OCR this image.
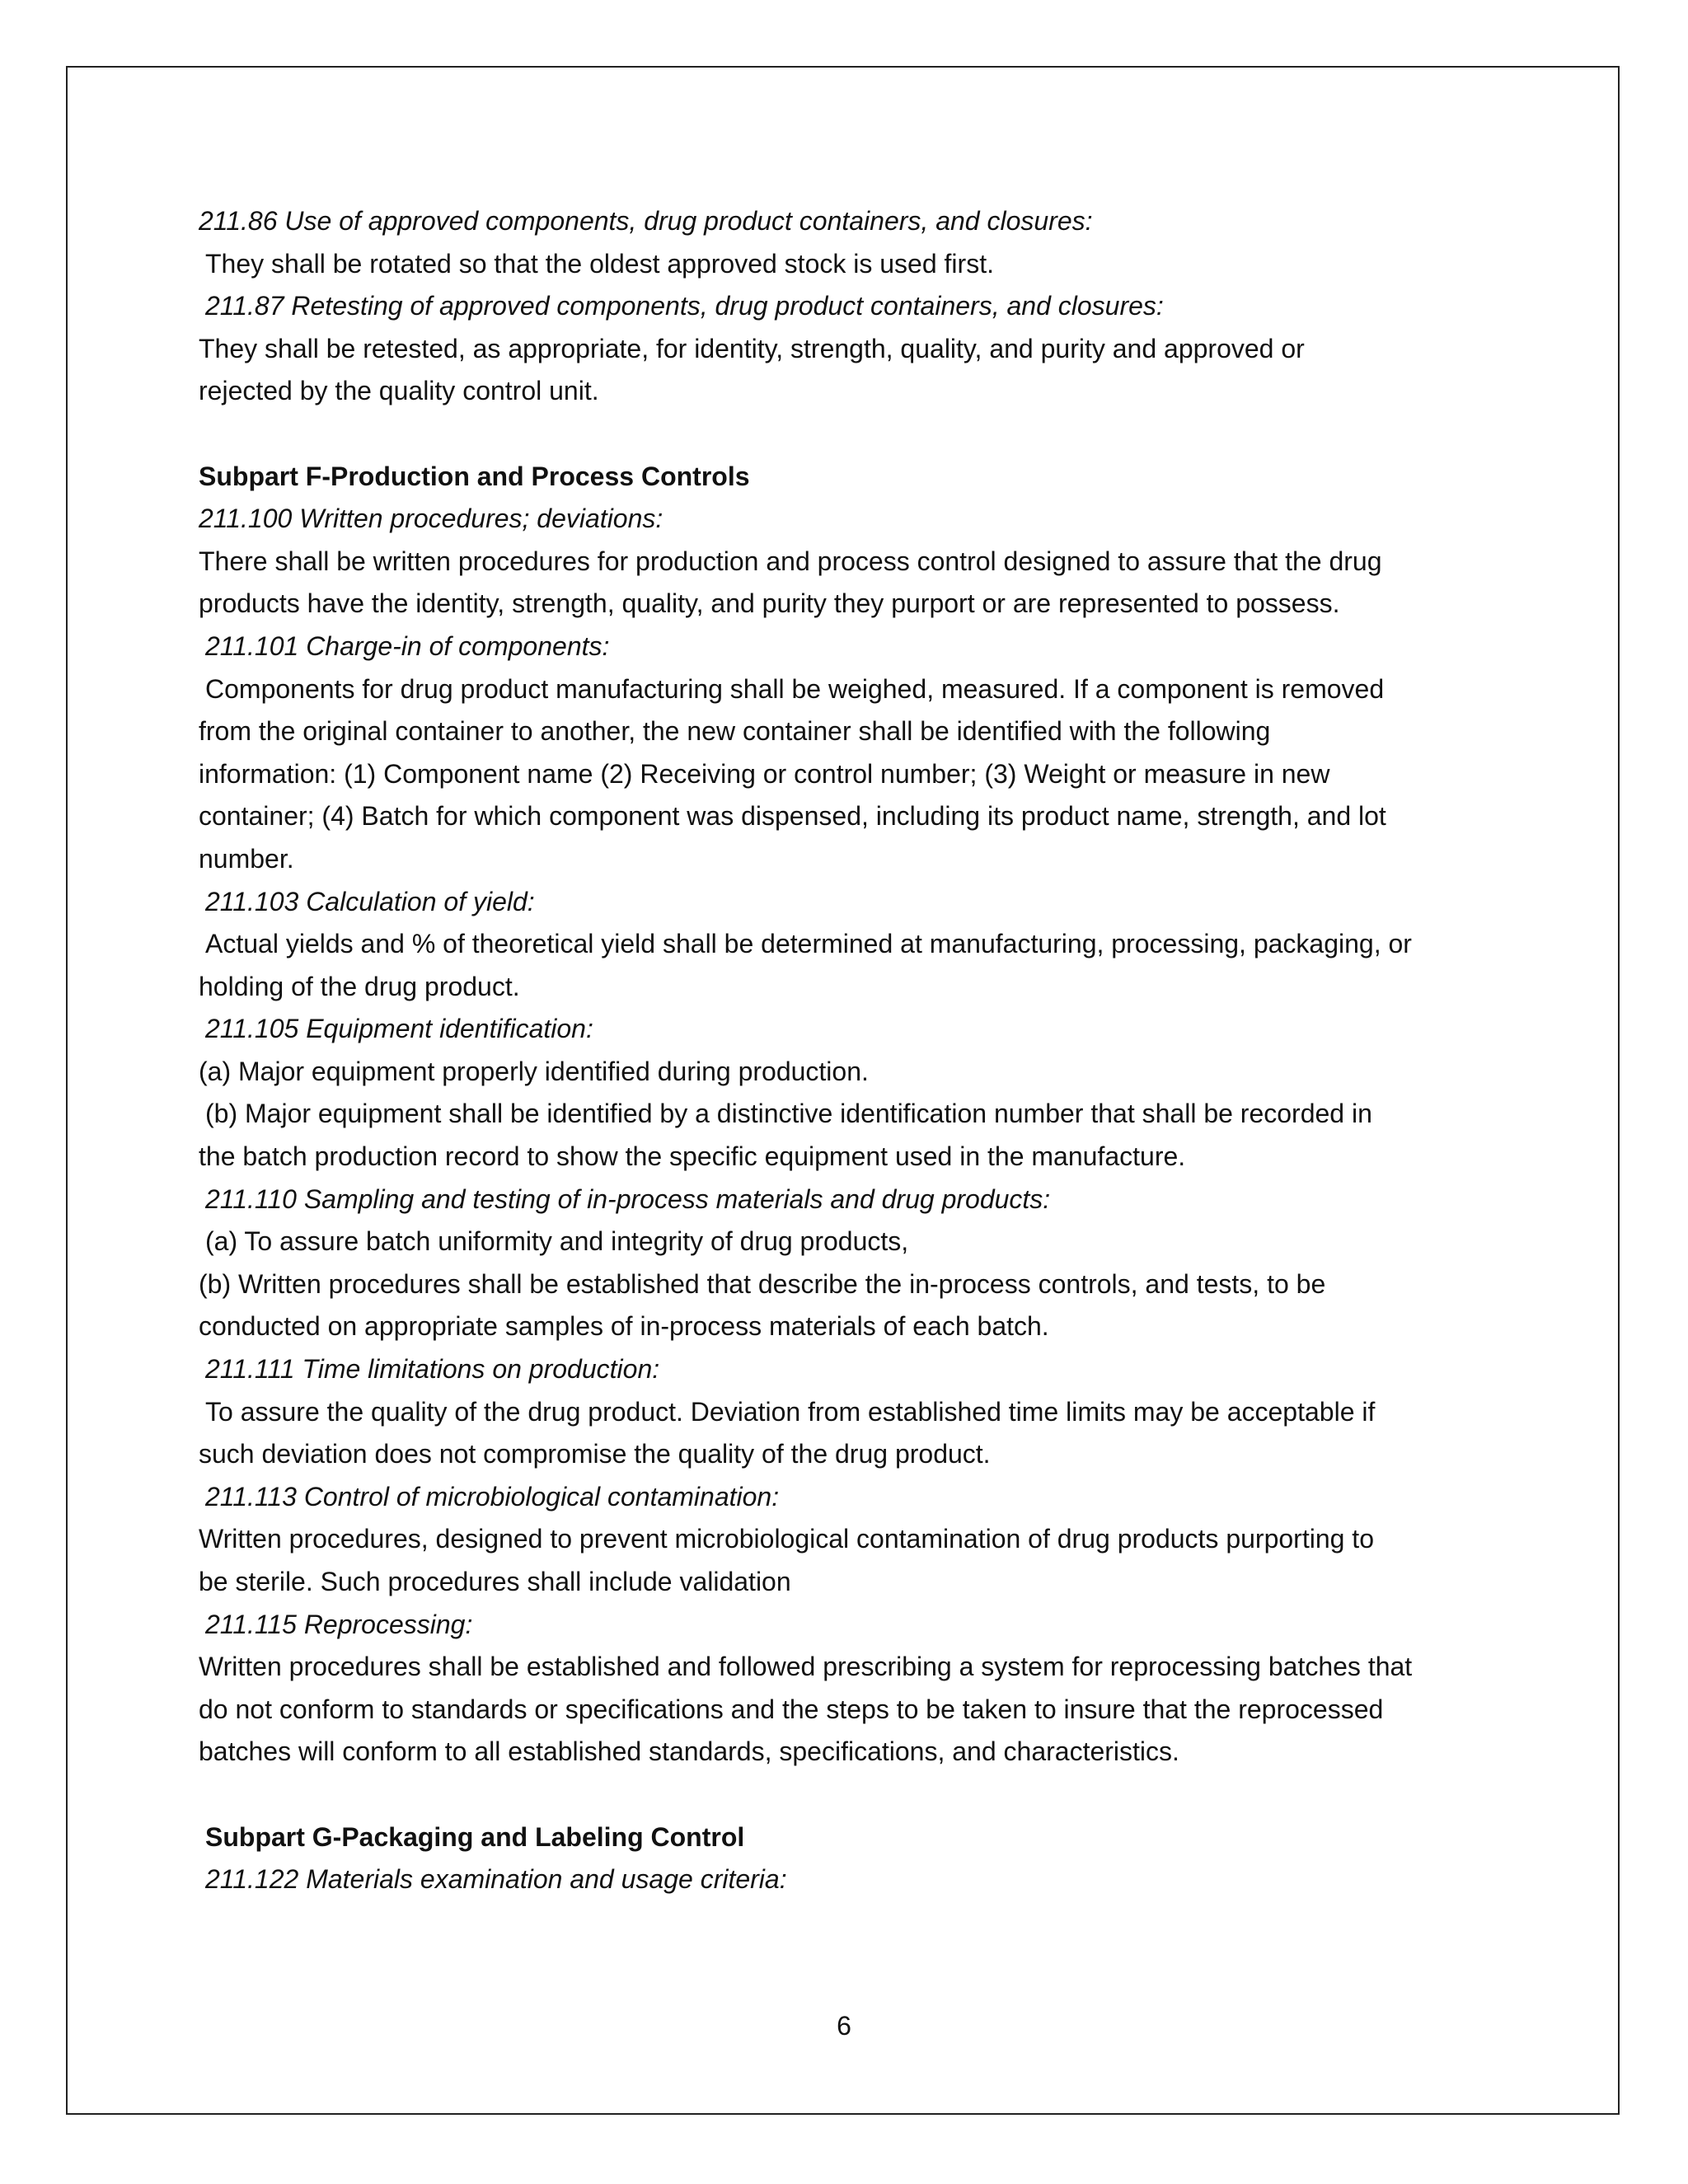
211.86 Use of approved components, drug product containers, and closures:
They shall be rotated so that the oldest approved stock is used first.
211.87 Retesting of approved components, drug product containers, and closures:
They shall be retested, as appropriate, for identity, strength, quality, and purity and approved or
rejected by the quality control unit.
Subpart F-Production and Process Controls
211.100 Written procedures; deviations:
There shall be written procedures for production and process control designed to assure that the drug
products have the identity, strength, quality, and purity they purport or are represented to possess.
211.101 Charge-in of components:
Components for drug product manufacturing shall be weighed, measured. If a component is removed
from the original container to another, the new container shall be identified with the following
information: (1) Component name (2) Receiving or control number; (3) Weight or measure in new
container; (4) Batch for which component was dispensed, including its product name, strength, and lot
number.
211.103 Calculation of yield:
Actual yields and % of theoretical yield shall be determined at manufacturing, processing, packaging, or
holding of the drug product.
211.105 Equipment identification:
(a) Major equipment properly identified during production.
(b) Major equipment shall be identified by a distinctive identification number that shall be recorded in
the batch production record to show the specific equipment used in the manufacture.
211.110 Sampling and testing of in-process materials and drug products:
(a) To assure batch uniformity and integrity of drug products,
(b) Written procedures shall be established that describe the in-process controls, and tests, to be
conducted on appropriate samples of in-process materials of each batch.
211.111 Time limitations on production:
To assure the quality of the drug product. Deviation from established time limits may be acceptable if
such deviation does not compromise the quality of the drug product.
211.113 Control of microbiological contamination:
Written procedures, designed to prevent microbiological contamination of drug products purporting to
be sterile. Such procedures shall include validation
211.115 Reprocessing:
Written procedures shall be established and followed prescribing a system for reprocessing batches that
do not conform to standards or specifications and the steps to be taken to insure that the reprocessed
batches will conform to all established standards, specifications, and characteristics.
Subpart G-Packaging and Labeling Control
211.122 Materials examination and usage criteria:
6
